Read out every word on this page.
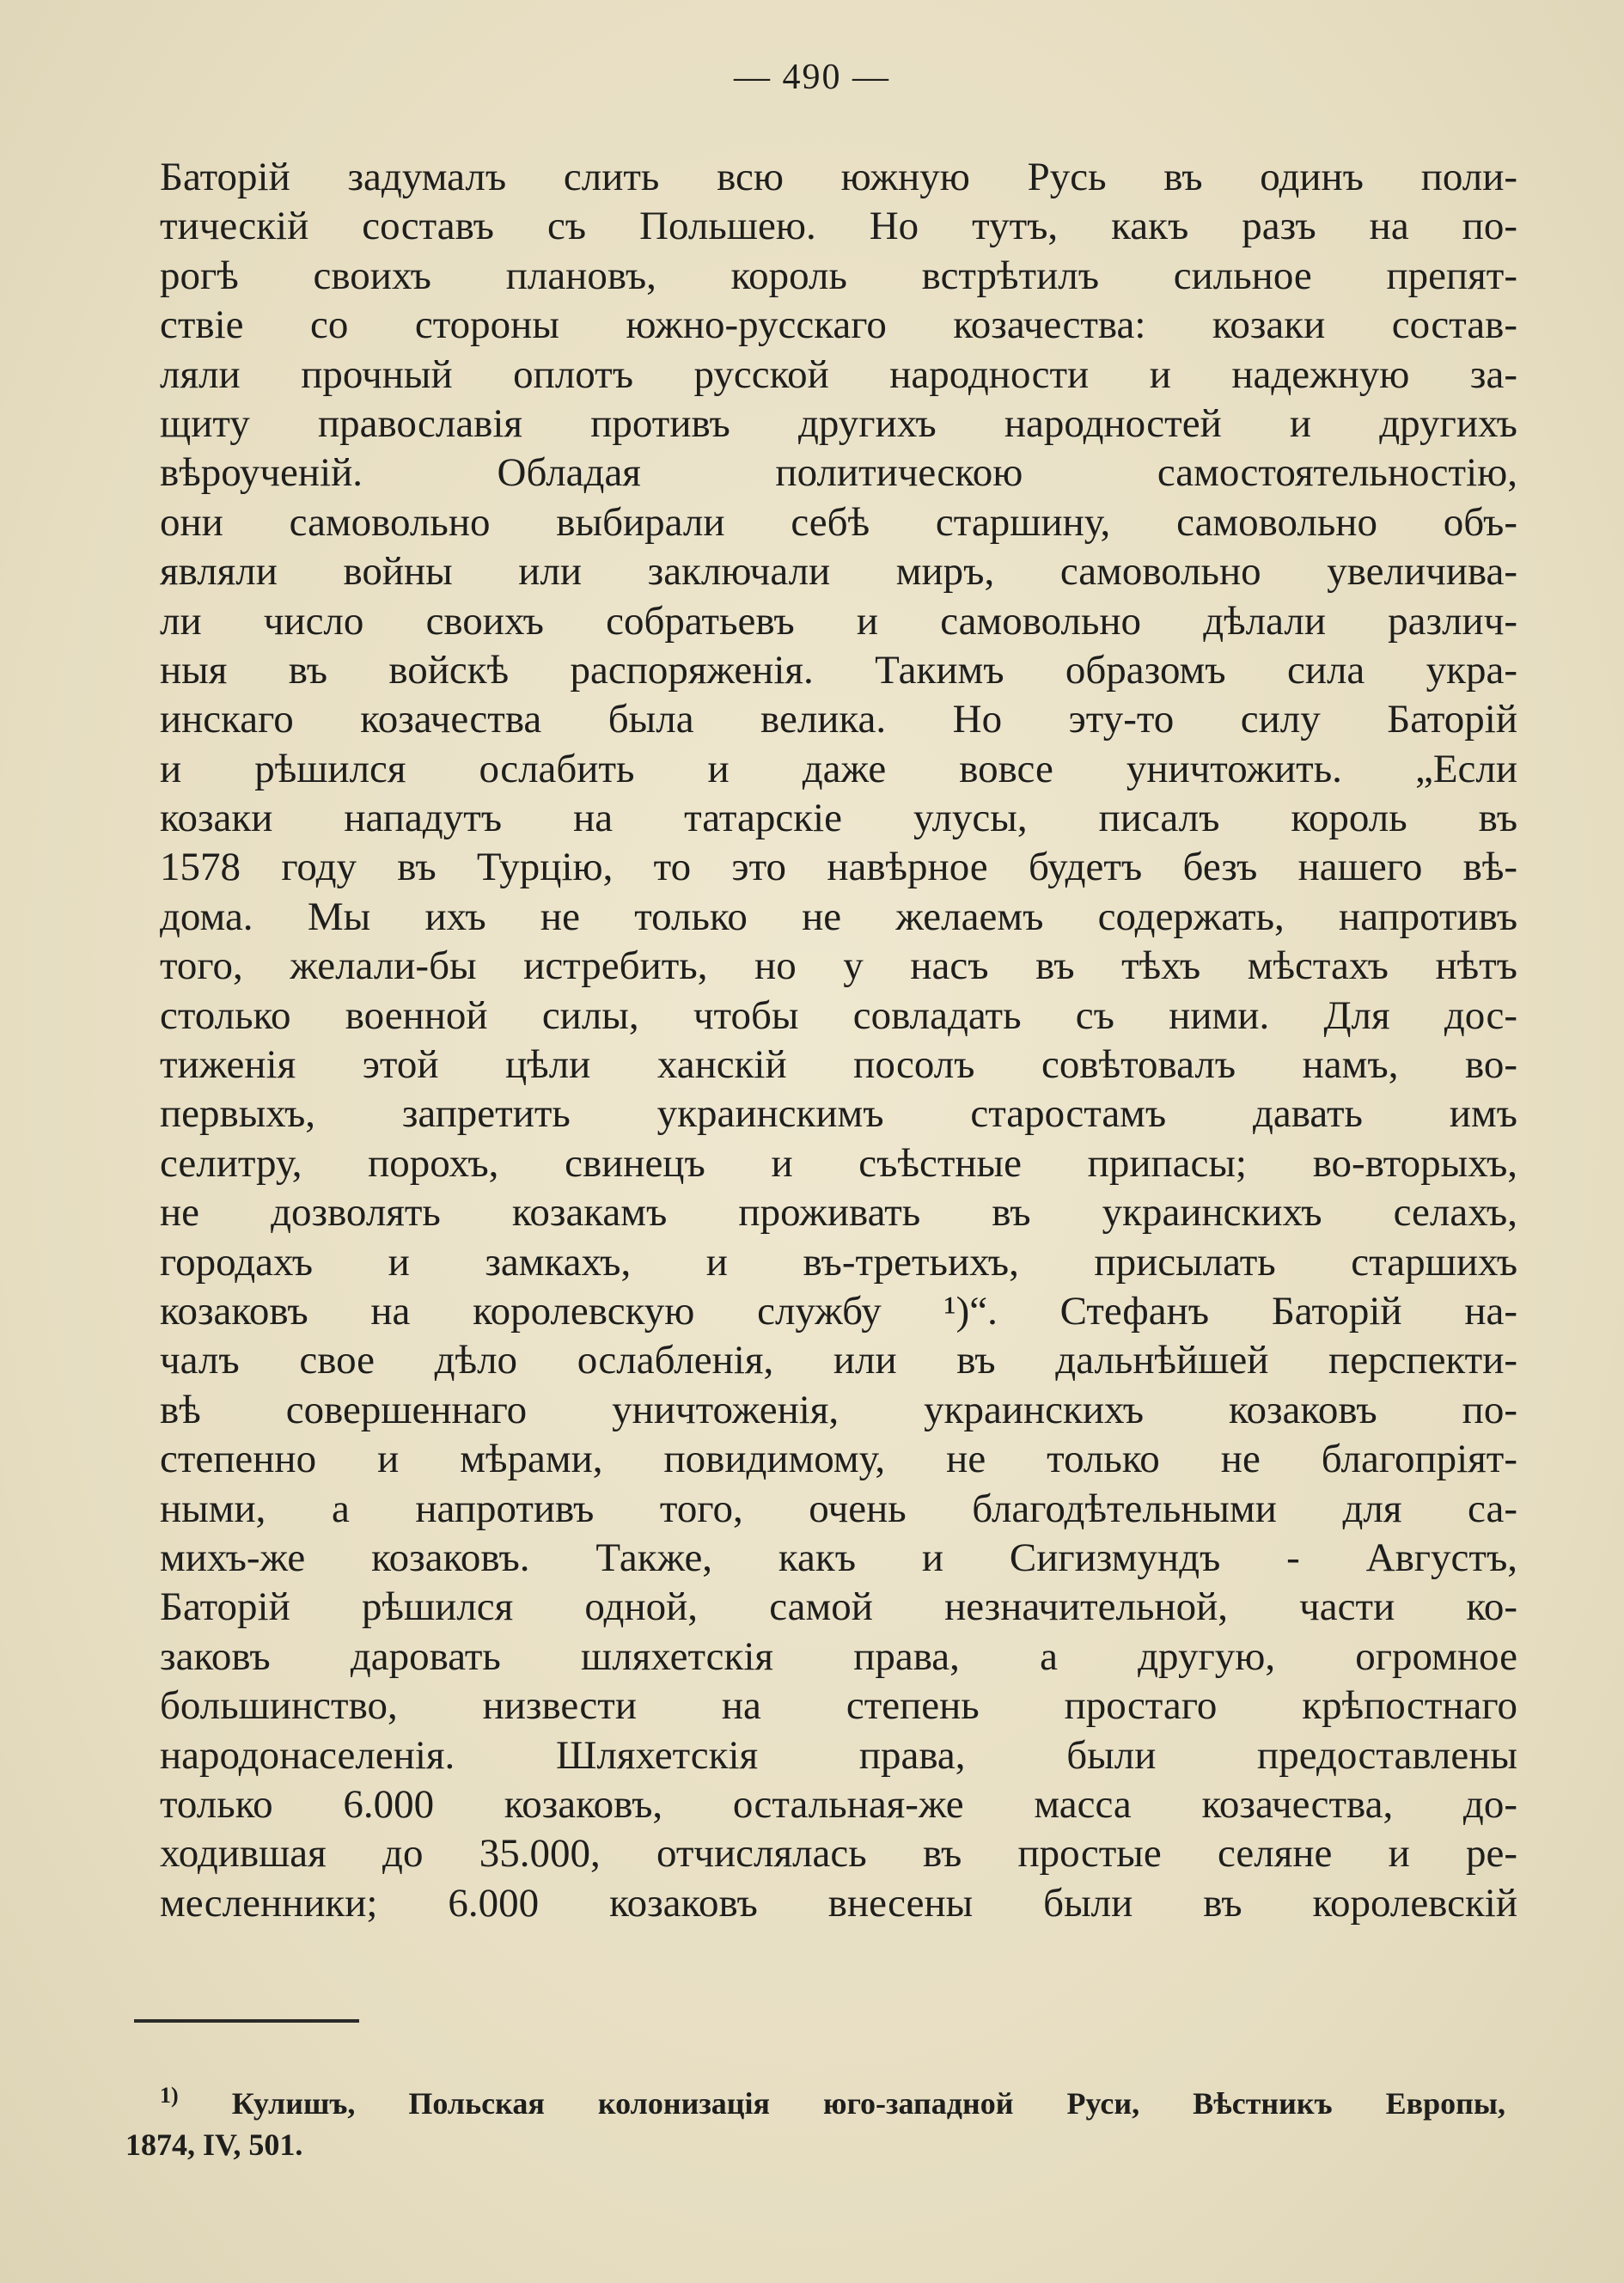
— 490 —
Баторій задумалъ слить всю южную Русь въ одинъ поли-
тическій составъ съ Польшею. Но тутъ, какъ разъ на по-
рогѣ своихъ плановъ, король встрѣтилъ сильное препят-
ствіе со стороны южно-русскаго козачества: козаки состав-
ляли прочный оплотъ русской народности и надежную за-
щиту православія противъ другихъ народностей и другихъ
вѣроученій. Обладая политическою самостоятельностію,
они самовольно выбирали себѣ старшину, самовольно объ-
являли войны или заключали миръ, самовольно увеличива-
ли число своихъ собратьевъ и самовольно дѣлали различ-
ныя въ войскѣ распоряженія. Такимъ образомъ сила укра-
инскаго козачества была велика. Но эту-то силу Баторій
и рѣшился ослабить и даже вовсе уничтожить. „Если
козаки нападутъ на татарскіе улусы, писалъ король въ
1578 году въ Турцію, то это навѣрное будетъ безъ нашего вѣ-
дома. Мы ихъ не только не желаемъ содержать, напротивъ
того, желали-бы истребить, но у насъ въ тѣхъ мѣстахъ нѣтъ
столько военной силы, чтобы совладать съ ними. Для дос-
тиженія этой цѣли ханскій посолъ совѣтовалъ намъ, во-
первыхъ, запретить украинскимъ старостамъ давать имъ
селитру, порохъ, свинецъ и съѣстные припасы; во-вторыхъ,
не дозволять козакамъ проживать въ украинскихъ селахъ,
городахъ и замкахъ, и въ-третьихъ, присылать старшихъ
козаковъ на королевскую службу ¹)“. Стефанъ Баторій на-
чалъ свое дѣло ослабленія, или въ дальнѣйшей перспекти-
вѣ совершеннаго уничтоженія, украинскихъ козаковъ по-
степенно и мѣрами, повидимому, не только не благопріят-
ными, а напротивъ того, очень благодѣтельными для са-
михъ-же козаковъ. Также, какъ и Сигизмундъ - Августъ,
Баторій рѣшился одной, самой незначительной, части ко-
заковъ даровать шляхетскія права, а другую, огромное
большинство, низвести на степень простаго крѣпостнаго
народонаселенія. Шляхетскія права, были предоставлены
только 6.000 козаковъ, остальная-же масса козачества, до-
ходившая до 35.000, отчислялась въ простые селяне и ре-
месленники; 6.000 козаковъ внесены были въ королевскій
$^{1)}$ Кулишъ, Польская колонизація юго-западной Руси, Вѣстникъ Европы,
1874, IV, 501.
